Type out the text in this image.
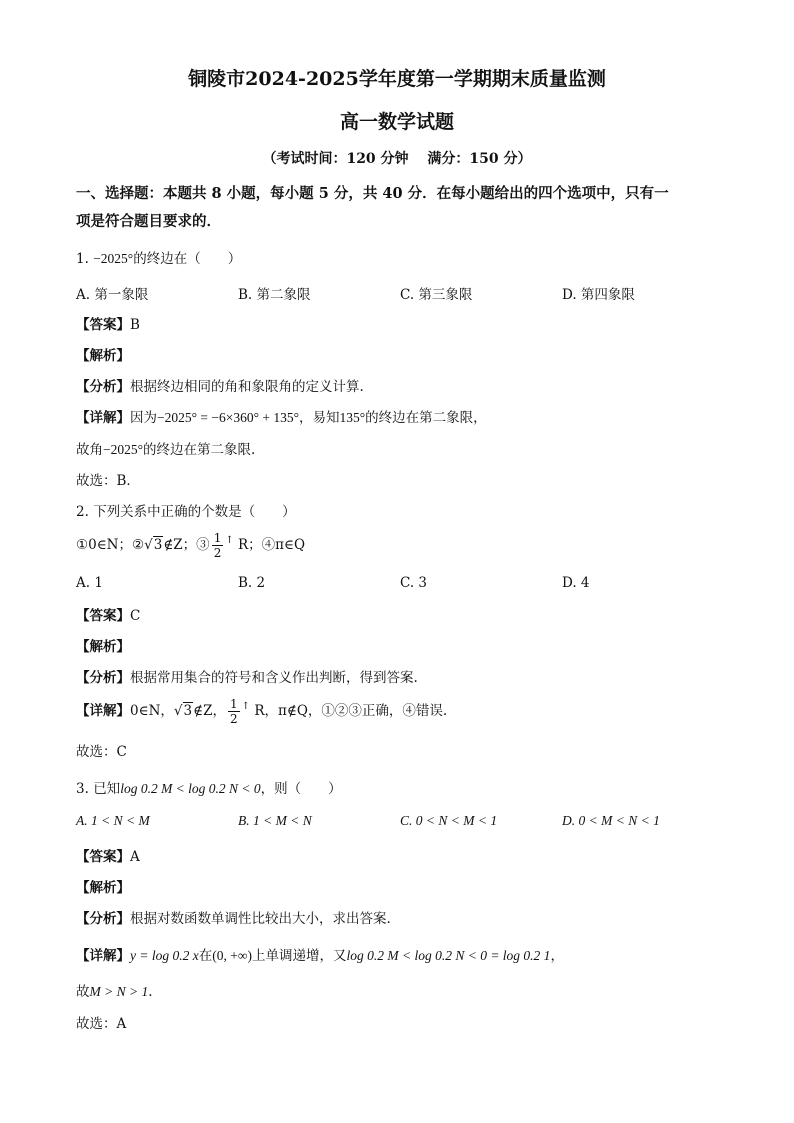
铜陵市2024-2025学年度第一学期期末质量监测
高一数学试题
（考试时间：120 分钟　 满分：150 分）
一、选择题：本题共 8 小题，每小题 5 分，共 40 分．在每小题给出的四个选项中，只有一
项是符合题目要求的．
1. −2025°的终边在（　　）
A. 第一象限	B. 第二象限	C. 第三象限	D. 第四象限
【答案】B
【解析】
【分析】根据终边相同的角和象限角的定义计算.
【详解】因为−2025° = −6×360° + 135°，易知135°的终边在第二象限，
故角−2025°的终边在第二象限.
故选：B．
2. 下列关系中正确的个数是（　　）
①0∈N；②√3∉Z；③ $\frac{1}{2} ^↑$ R；④π∈Q
A. 1	B. 2	C. 3	D. 4
【答案】C
【解析】
【分析】根据常用集合的符号和含义作出判断，得到答案.
【详解】0∈N，√3∉Z， $\frac{1}{2} ^↑$ R，π∉Q，①②③正确，④错误.
故选：C
3. 已知log 0.2 M < log 0.2 N < 0，则（　　）
A. 1 < N < M	B. 1 < M < N	C. 0 < N < M < 1	D. 0 < M < N < 1
【答案】A
【解析】
【分析】根据对数函数单调性比较出大小，求出答案.
【详解】y = log 0.2 x在(0, +∞)上单调递增，又log 0.2 M < log 0.2 N < 0 = log 0.2 1，
故M > N > 1.
故选：A
